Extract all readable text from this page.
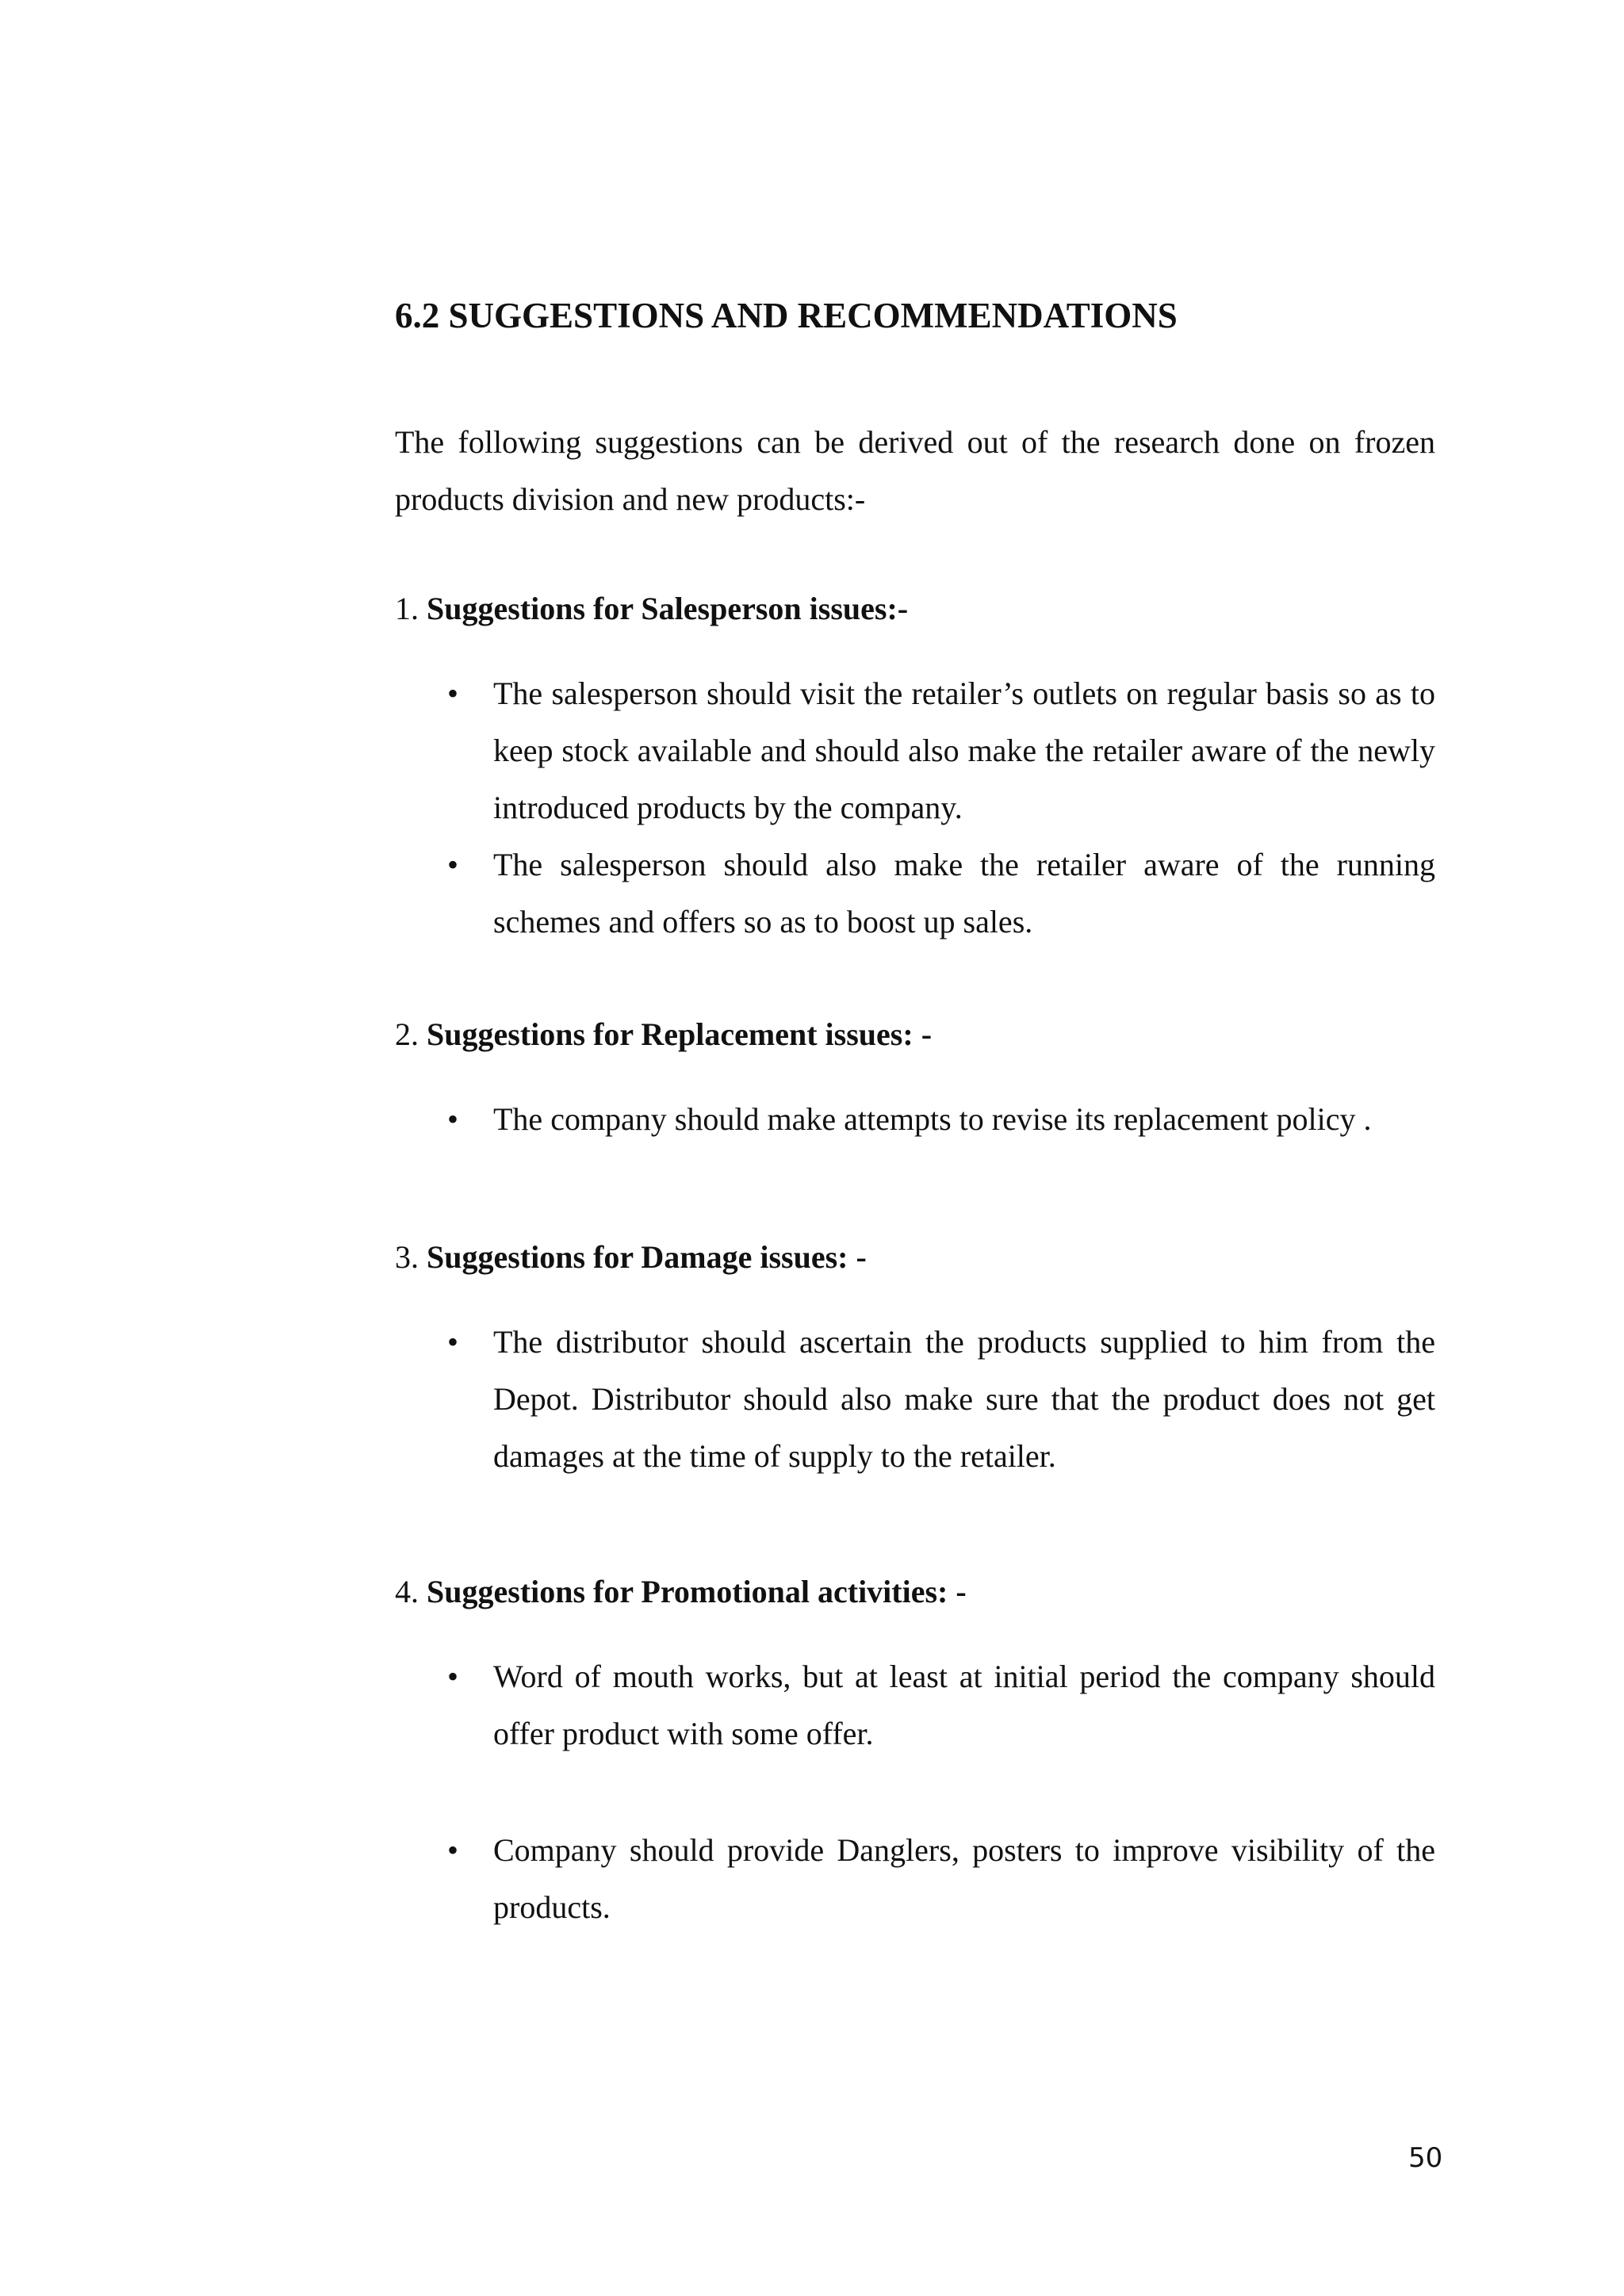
6.2 SUGGESTIONS AND RECOMMENDATIONS

The following suggestions can be derived out of the research done on frozen products division and new products:-

1. Suggestions for Salesperson issues:-

• The salesperson should visit the retailer’s outlets on regular basis so as to keep stock available and should also make the retailer aware of the newly introduced products by the company.

• The salesperson should also make the retailer aware of the running schemes and offers so as to boost up sales.

2. Suggestions for Replacement issues: -

• The company should make attempts to revise its replacement policy .

3. Suggestions for Damage issues: -

• The distributor should ascertain the products supplied to him from the Depot. Distributor should also make sure that the product does not get damages at the time of supply to the retailer.

4. Suggestions for Promotional activities: -

• Word of mouth works, but at least at initial period the company should offer product with some offer.

• Company should provide Danglers, posters to improve visibility of the products.

50
